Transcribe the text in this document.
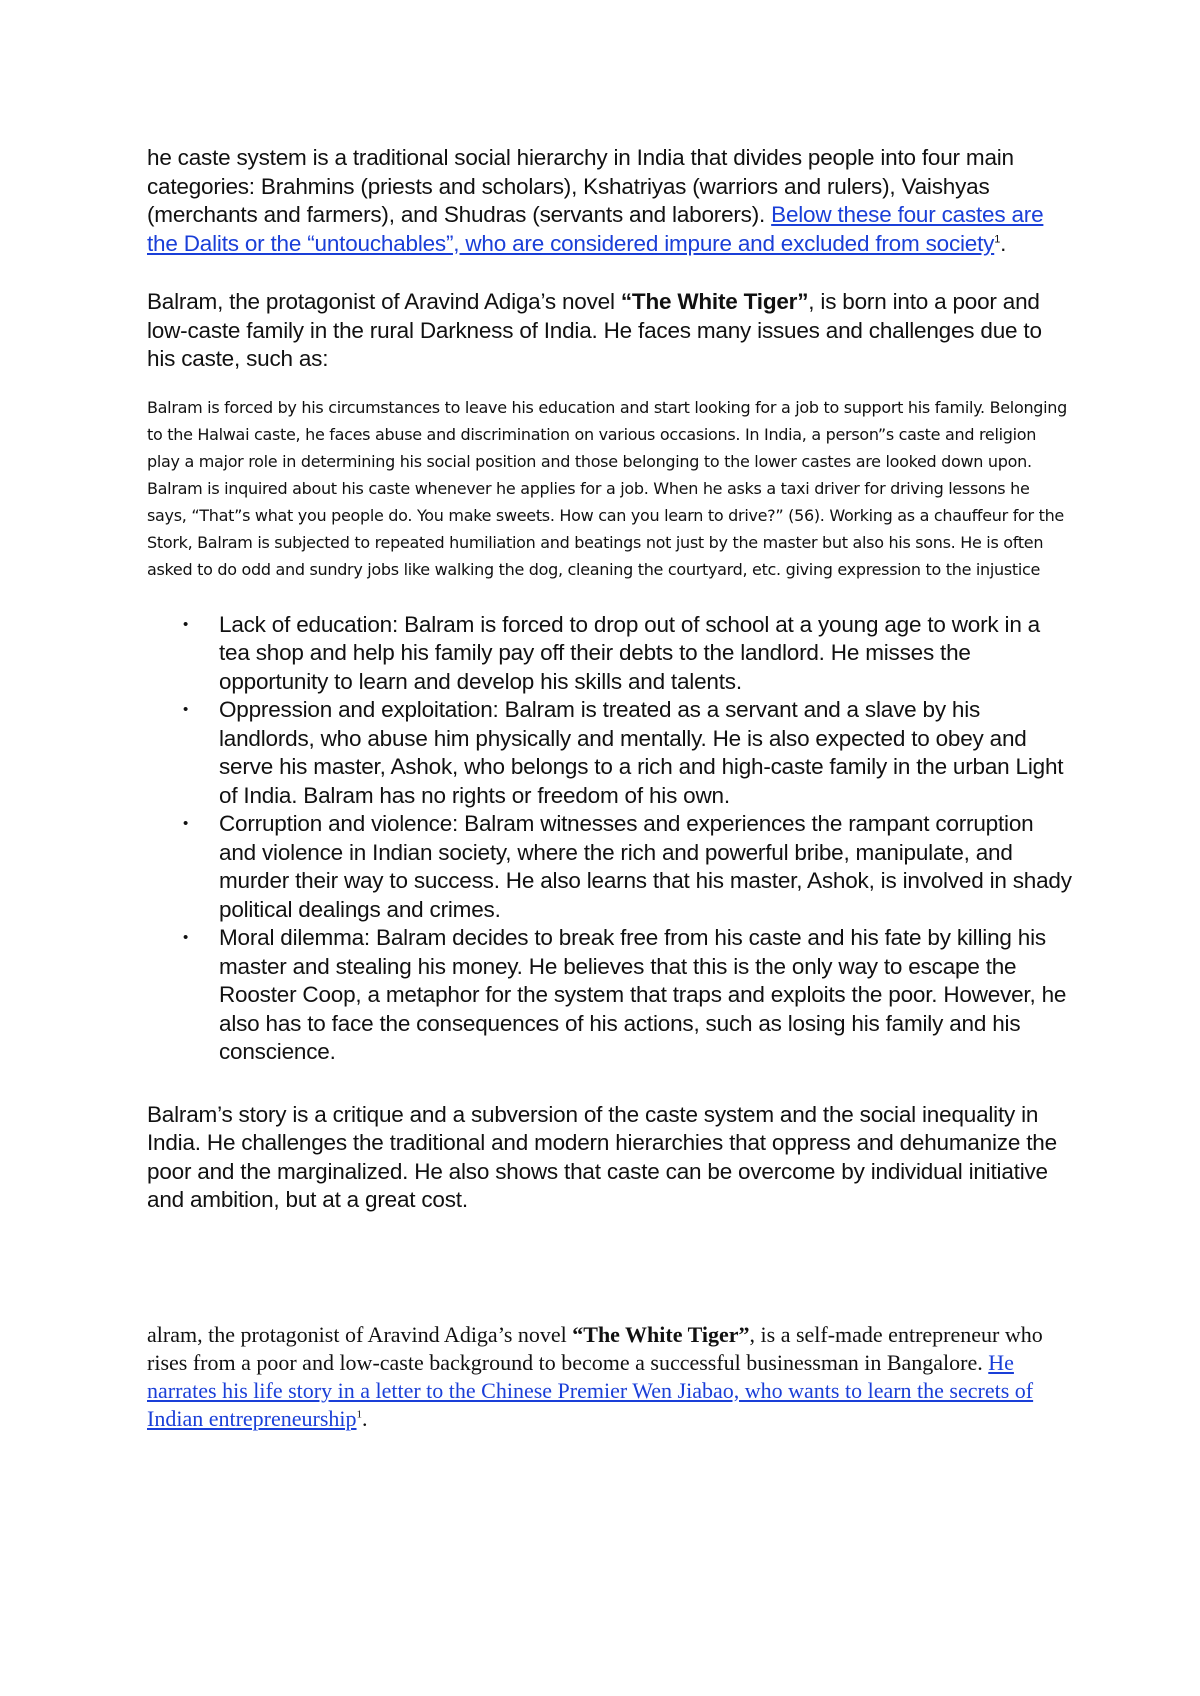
he caste system is a traditional social hierarchy in India that divides people into four main categories: Brahmins (priests and scholars), Kshatriyas (warriors and rulers), Vaishyas (merchants and farmers), and Shudras (servants and laborers). Below these four castes are the Dalits or the “untouchables”, who are considered impure and excluded from society$^1$.

Balram, the protagonist of Aravind Adiga’s novel “The White Tiger”, is born into a poor and low-caste family in the rural Darkness of India. He faces many issues and challenges due to his caste, such as:

Balram is forced by his circumstances to leave his education and start looking for a job to support his family. Belonging to the Halwai caste, he faces abuse and discrimination on various occasions. In India, a person”s caste and religion play a major role in determining his social position and those belonging to the lower castes are looked down upon. Balram is inquired about his caste whenever he applies for a job. When he asks a taxi driver for driving lessons he says, “That”s what you people do. You make sweets. How can you learn to drive?” (56). Working as a chauffeur for the Stork, Balram is subjected to repeated humiliation and beatings not just by the master but also his sons. He is often asked to do odd and sundry jobs like walking the dog, cleaning the courtyard, etc. giving expression to the injustice

• Lack of education: Balram is forced to drop out of school at a young age to work in a tea shop and help his family pay off their debts to the landlord. He misses the opportunity to learn and develop his skills and talents.
• Oppression and exploitation: Balram is treated as a servant and a slave by his landlords, who abuse him physically and mentally. He is also expected to obey and serve his master, Ashok, who belongs to a rich and high-caste family in the urban Light of India. Balram has no rights or freedom of his own.
• Corruption and violence: Balram witnesses and experiences the rampant corruption and violence in Indian society, where the rich and powerful bribe, manipulate, and murder their way to success. He also learns that his master, Ashok, is involved in shady political dealings and crimes.
• Moral dilemma: Balram decides to break free from his caste and his fate by killing his master and stealing his money. He believes that this is the only way to escape the Rooster Coop, a metaphor for the system that traps and exploits the poor. However, he also has to face the consequences of his actions, such as losing his family and his conscience.

Balram’s story is a critique and a subversion of the caste system and the social inequality in India. He challenges the traditional and modern hierarchies that oppress and dehumanize the poor and the marginalized. He also shows that caste can be overcome by individual initiative and ambition, but at a great cost.

alram, the protagonist of Aravind Adiga’s novel “The White Tiger”, is a self-made entrepreneur who rises from a poor and low-caste background to become a successful businessman in Bangalore. He narrates his life story in a letter to the Chinese Premier Wen Jiabao, who wants to learn the secrets of Indian entrepreneurship$^1$.
